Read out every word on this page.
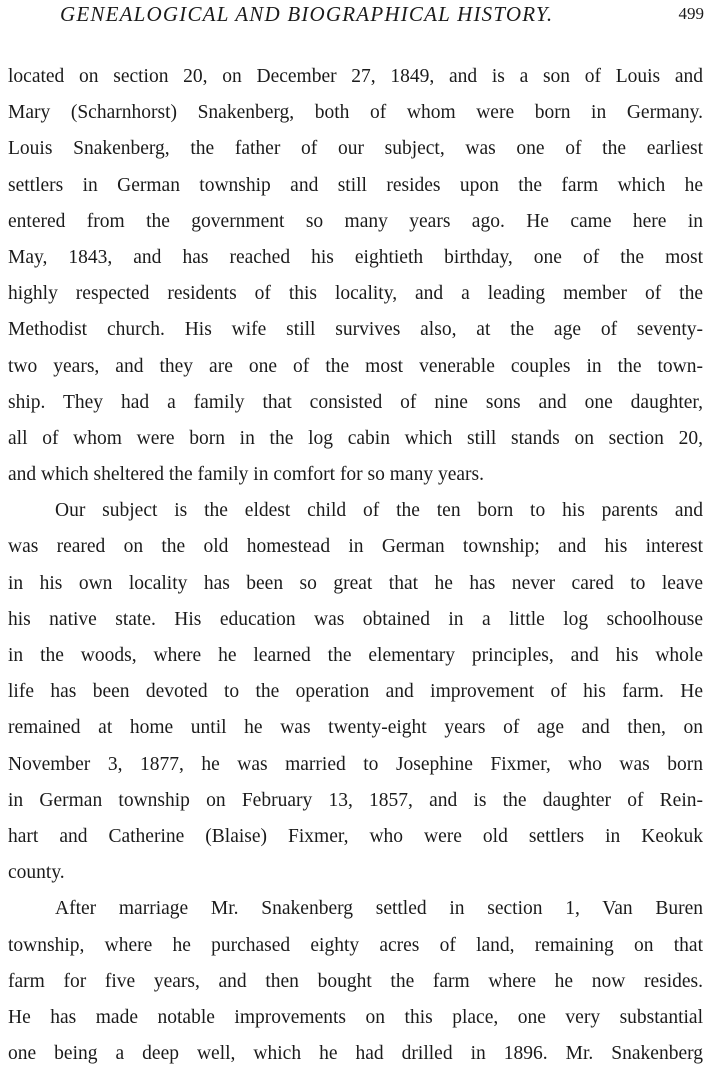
GENEALOGICAL AND BIOGRAPHICAL HISTORY.	499
located on section 20, on December 27, 1849, and is a son of Louis and
Mary (Scharnhorst) Snakenberg, both of whom were born in Germany.
Louis Snakenberg, the father of our subject, was one of the earliest
settlers in German township and still resides upon the farm which he
entered from the government so many years ago. He came here in
May, 1843, and has reached his eightieth birthday, one of the most
highly respected residents of this locality, and a leading member of the
Methodist church. His wife still survives also, at the age of seventy-
two years, and they are one of the most venerable couples in the town-
ship. They had a family that consisted of nine sons and one daughter,
all of whom were born in the log cabin which still stands on section 20,
and which sheltered the family in comfort for so many years.
Our subject is the eldest child of the ten born to his parents and
was reared on the old homestead in German township; and his interest
in his own locality has been so great that he has never cared to leave
his native state. His education was obtained in a little log schoolhouse
in the woods, where he learned the elementary principles, and his whole
life has been devoted to the operation and improvement of his farm. He
remained at home until he was twenty-eight years of age and then, on
November 3, 1877, he was married to Josephine Fixmer, who was born
in German township on February 13, 1857, and is the daughter of Rein-
hart and Catherine (Blaise) Fixmer, who were old settlers in Keokuk
county.
After marriage Mr. Snakenberg settled in section 1, Van Buren
township, where he purchased eighty acres of land, remaining on that
farm for five years, and then bought the farm where he now resides.
He has made notable improvements on this place, one very substantial
one being a deep well, which he had drilled in 1896. Mr. Snakenberg
